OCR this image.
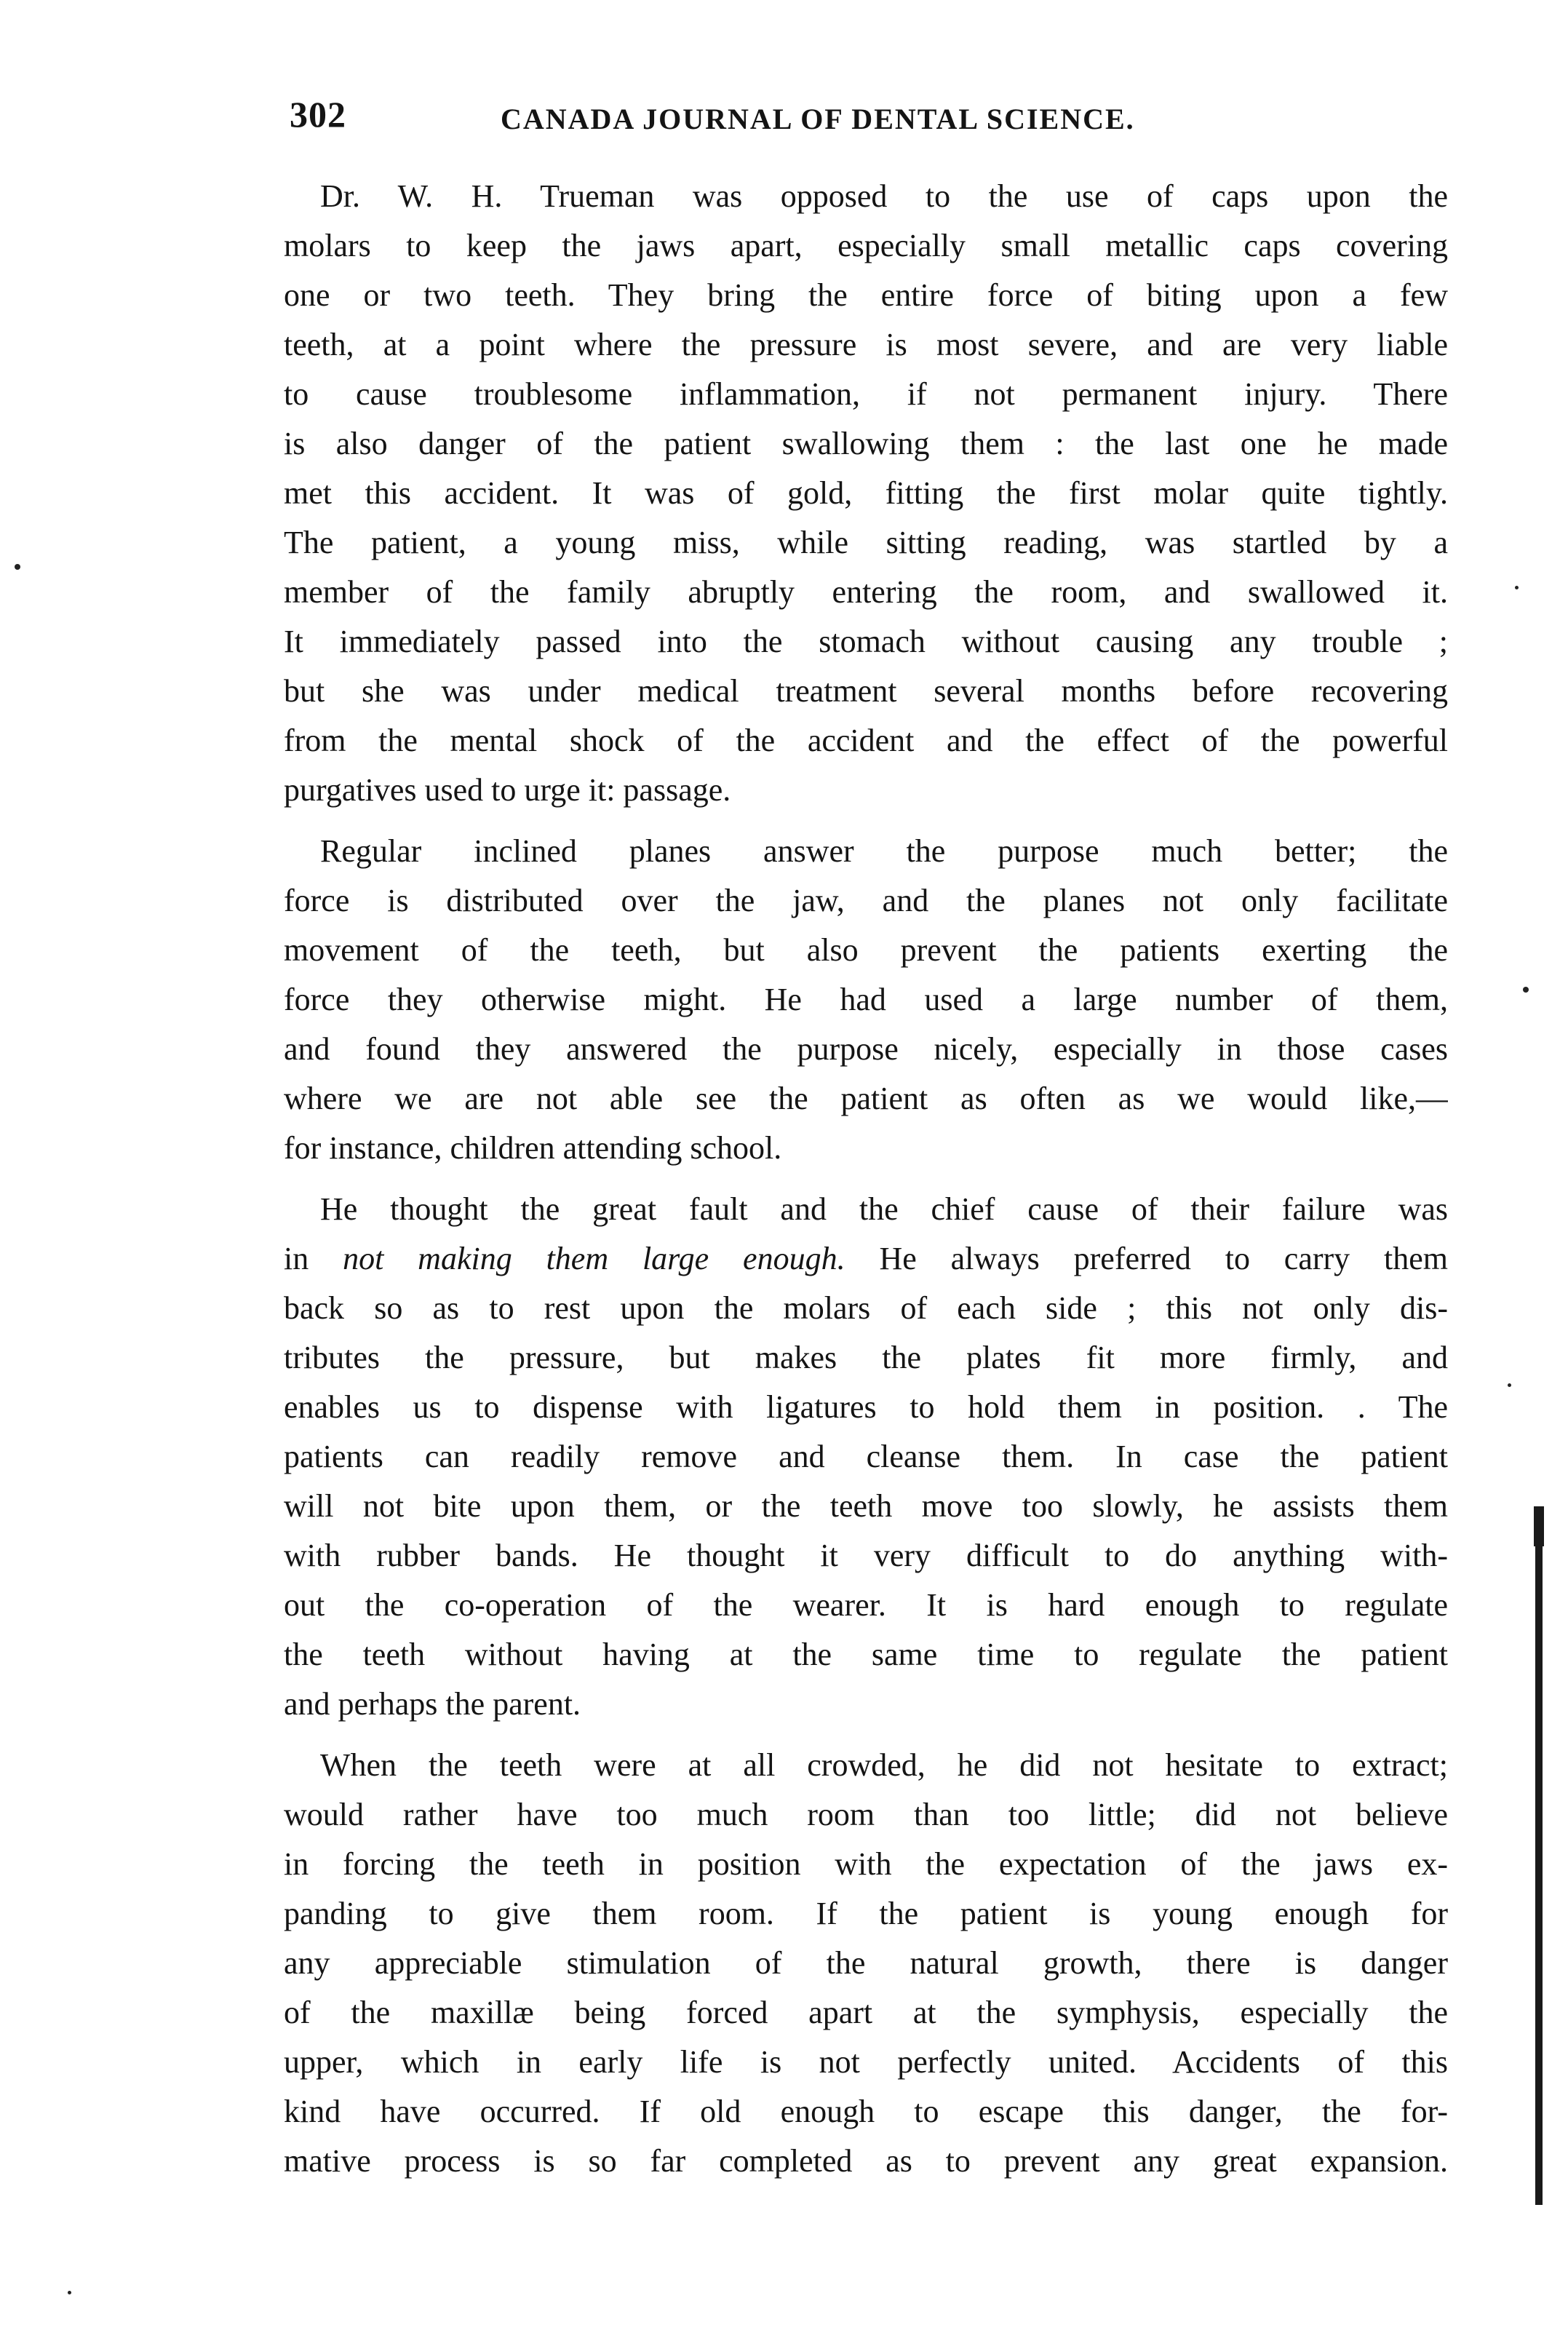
302	CANADA JOURNAL OF DENTAL SCIENCE.
Dr. W. H. Trueman was opposed to the use of caps upon the
molars to keep the jaws apart, especially small metallic caps covering
one or two teeth. They bring the entire force of biting upon a few
teeth, at a point where the pressure is most severe, and are very liable
to cause troublesome inflammation, if not permanent injury. There
is also danger of the patient swallowing them : the last one he made
met this accident. It was of gold, fitting the first molar quite tightly.
The patient, a young miss, while sitting reading, was startled by a
member of the family abruptly entering the room, and swallowed it.
It immediately passed into the stomach without causing any trouble ;
but she was under medical treatment several months before recovering
from the mental shock of the accident and the effect of the powerful
purgatives used to urge it: passage.
Regular inclined planes answer the purpose much better; the
force is distributed over the jaw, and the planes not only facilitate
movement of the teeth, but also prevent the patients exerting the
force they otherwise might. He had used a large number of them,
and found they answered the purpose nicely, especially in those cases
where we are not able see the patient as often as we would like,—
for instance, children attending school.
He thought the great fault and the chief cause of their failure was
in not making them large enough. He always preferred to carry them
back so as to rest upon the molars of each side ; this not only dis-
tributes the pressure, but makes the plates fit more firmly, and
enables us to dispense with ligatures to hold them in position. . The
patients can readily remove and cleanse them. In case the patient
will not bite upon them, or the teeth move too slowly, he assists them
with rubber bands. He thought it very difficult to do anything with-
out the co-operation of the wearer. It is hard enough to regulate
the teeth without having at the same time to regulate the patient
and perhaps the parent.
When the teeth were at all crowded, he did not hesitate to extract;
would rather have too much room than too little; did not believe
in forcing the teeth in position with the expectation of the jaws ex-
panding to give them room. If the patient is young enough for
any appreciable stimulation of the natural growth, there is danger
of the maxillæ being forced apart at the symphysis, especially the
upper, which in early life is not perfectly united. Accidents of this
kind have occurred. If old enough to escape this danger, the for-
mative process is so far completed as to prevent any great expansion.
